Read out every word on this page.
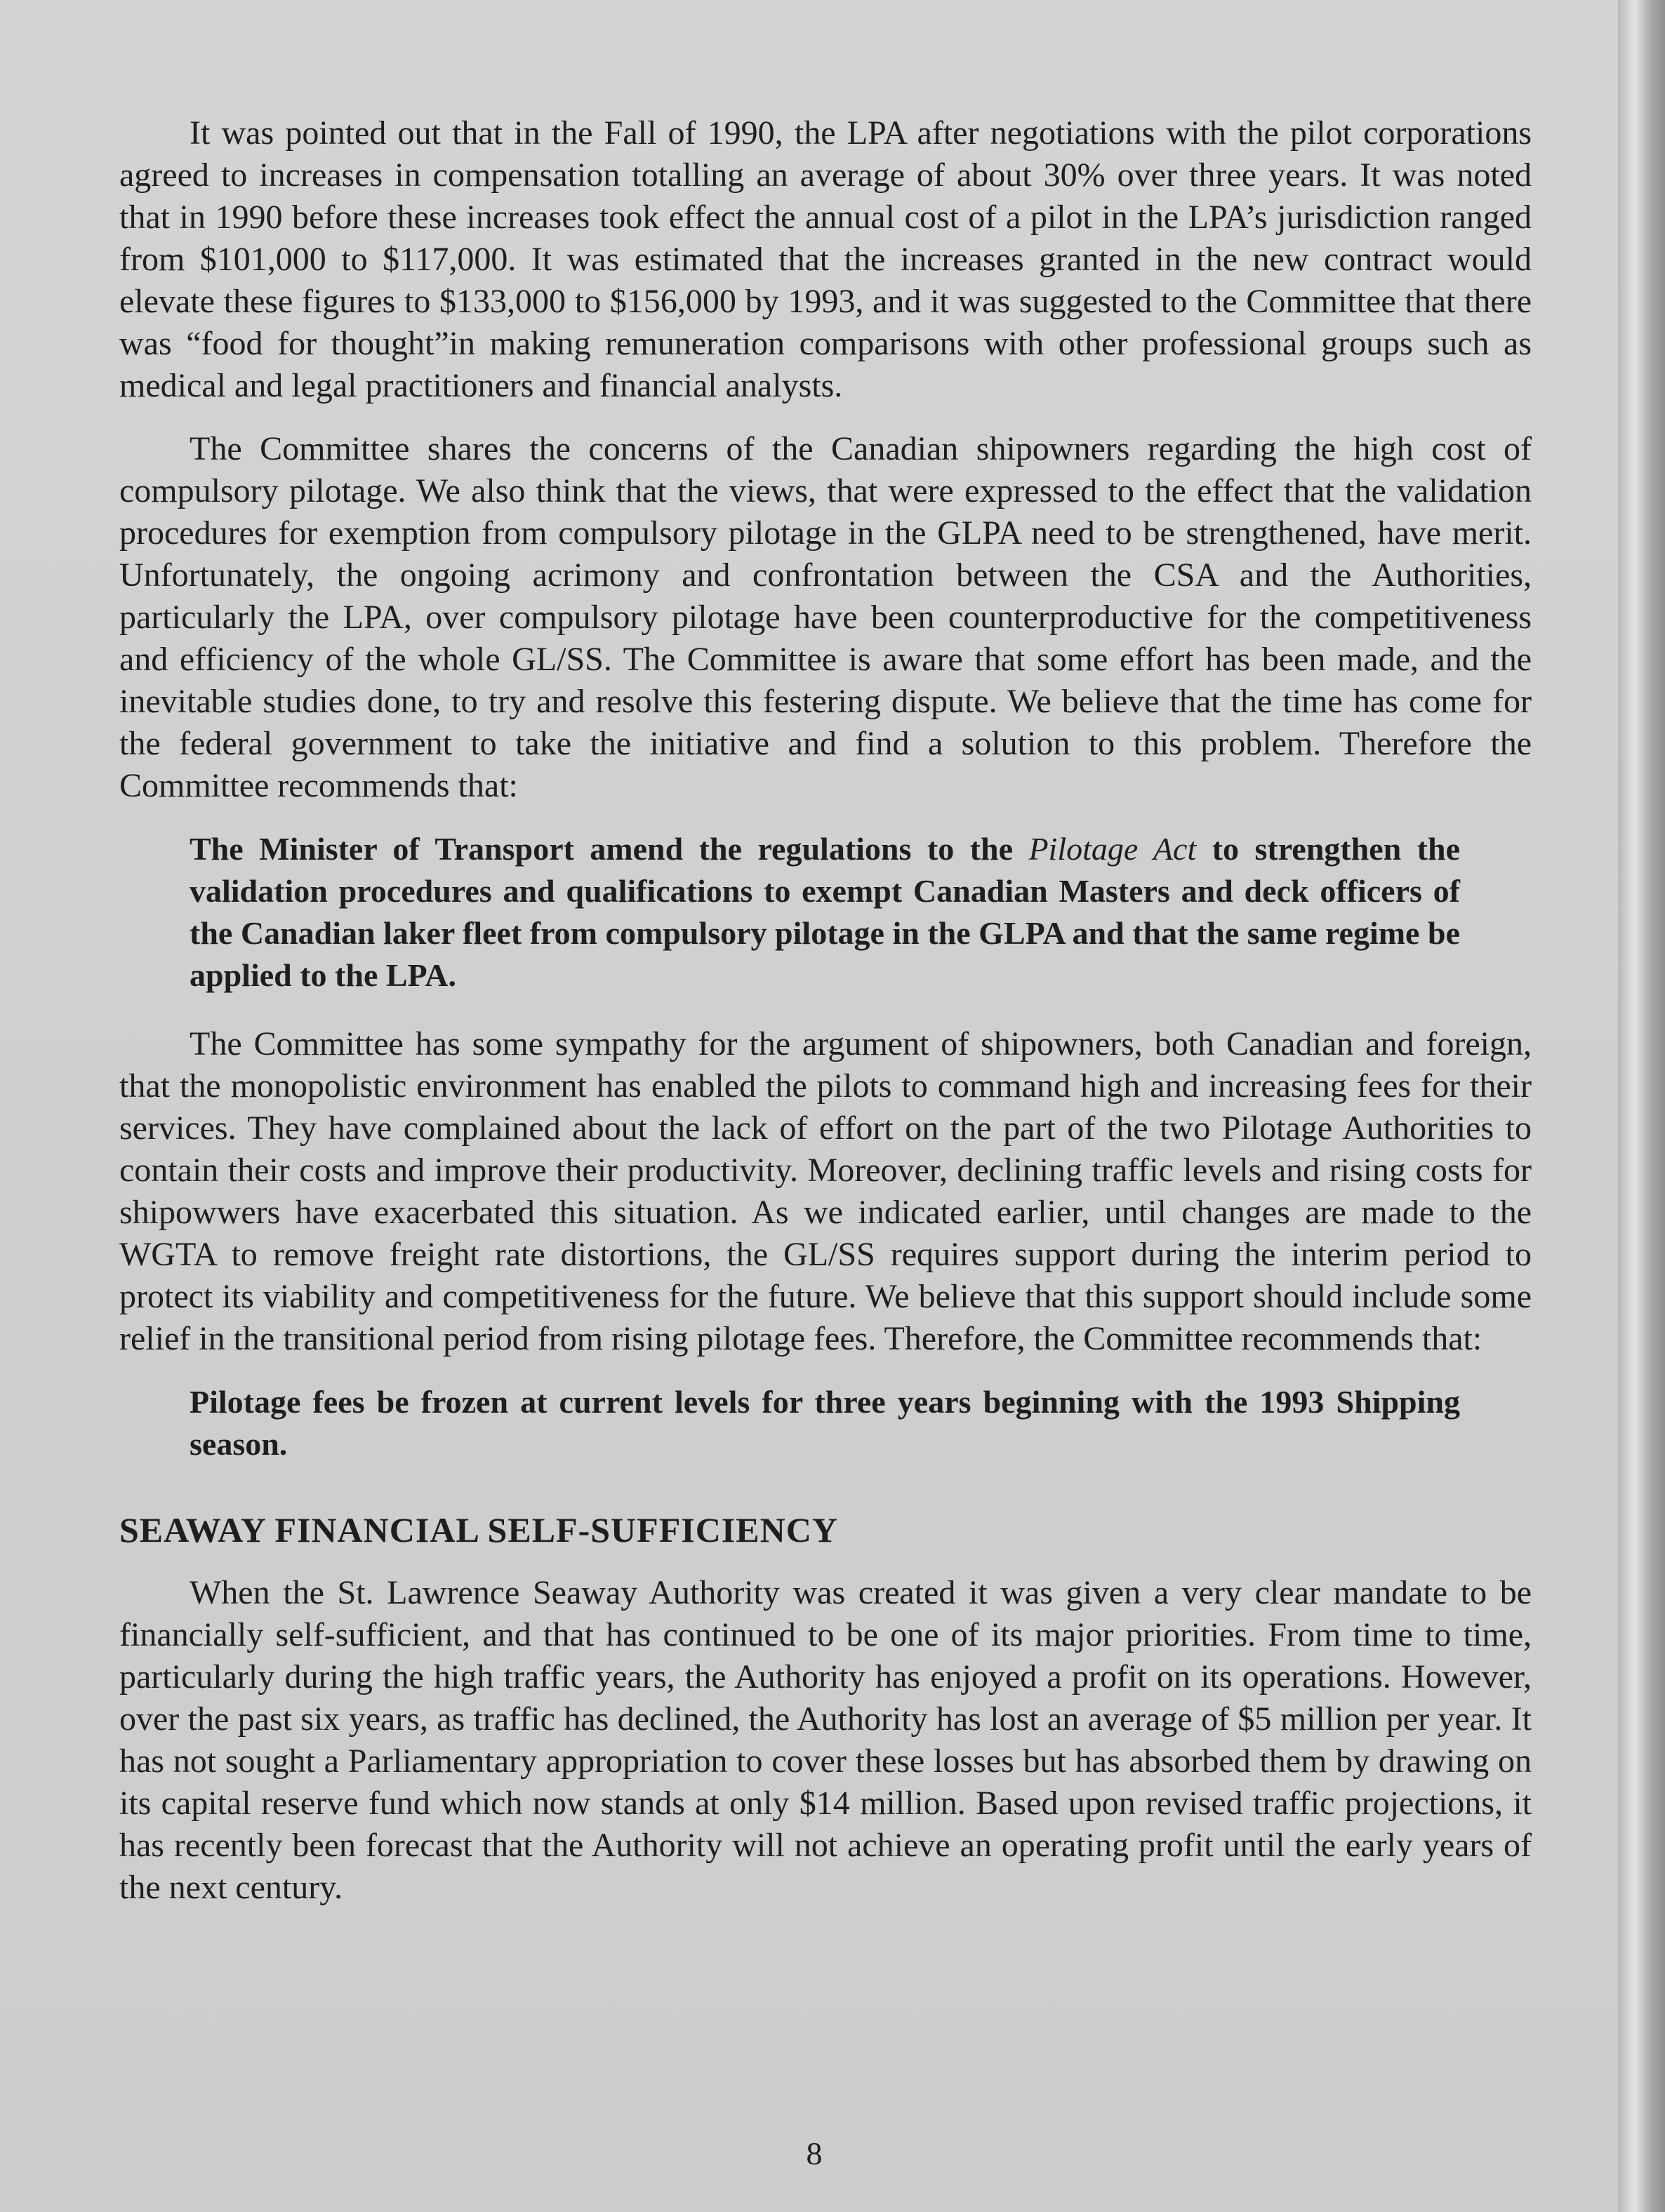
It was pointed out that in the Fall of 1990, the LPA after negotiations with the pilot corporations agreed to increases in compensation totalling an average of about 30% over three years. It was noted that in 1990 before these increases took effect the annual cost of a pilot in the LPA’s jurisdiction ranged from $101,000 to $117,000. It was estimated that the increases granted in the new contract would elevate these figures to $133,000 to $156,000 by 1993, and it was suggested to the Committee that there was “food for thought”in making remuneration comparisons with other professional groups such as medical and legal practitioners and financial analysts.

The Committee shares the concerns of the Canadian shipowners regarding the high cost of compulsory pilotage. We also think that the views, that were expressed to the effect that the validation procedures for exemption from compulsory pilotage in the GLPA need to be strengthened, have merit. Unfortunately, the ongoing acrimony and confrontation between the CSA and the Authorities, particularly the LPA, over compulsory pilotage have been counterproductive for the competitiveness and efficiency of the whole GL/SS. The Committee is aware that some effort has been made, and the inevitable studies done, to try and resolve this festering dispute. We believe that the time has come for the federal government to take the initiative and find a solution to this problem. Therefore the Committee recommends that:

The Minister of Transport amend the regulations to the Pilotage Act to strengthen the validation procedures and qualifications to exempt Canadian Masters and deck officers of the Canadian laker fleet from compulsory pilotage in the GLPA and that the same regime be applied to the LPA.

The Committee has some sympathy for the argument of shipowners, both Canadian and foreign, that the monopolistic environment has enabled the pilots to command high and increasing fees for their services. They have complained about the lack of effort on the part of the two Pilotage Authorities to contain their costs and improve their productivity. Moreover, declining traffic levels and rising costs for shipowwers have exacerbated this situation. As we indicated earlier, until changes are made to the WGTA to remove freight rate distortions, the GL/SS requires support during the interim period to protect its viability and competitiveness for the future. We believe that this support should include some relief in the transitional period from rising pilotage fees. Therefore, the Committee recommends that:

Pilotage fees be frozen at current levels for three years beginning with the 1993 Shipping season.

SEAWAY FINANCIAL SELF-SUFFICIENCY

When the St. Lawrence Seaway Authority was created it was given a very clear mandate to be financially self-sufficient, and that has continued to be one of its major priorities. From time to time, particularly during the high traffic years, the Authority has enjoyed a profit on its operations. However, over the past six years, as traffic has declined, the Authority has lost an average of $5 million per year. It has not sought a Parliamentary appropriation to cover these losses but has absorbed them by drawing on its capital reserve fund which now stands at only $14 million. Based upon revised traffic projections, it has recently been forecast that the Authority will not achieve an operating profit until the early years of the next century.

8
